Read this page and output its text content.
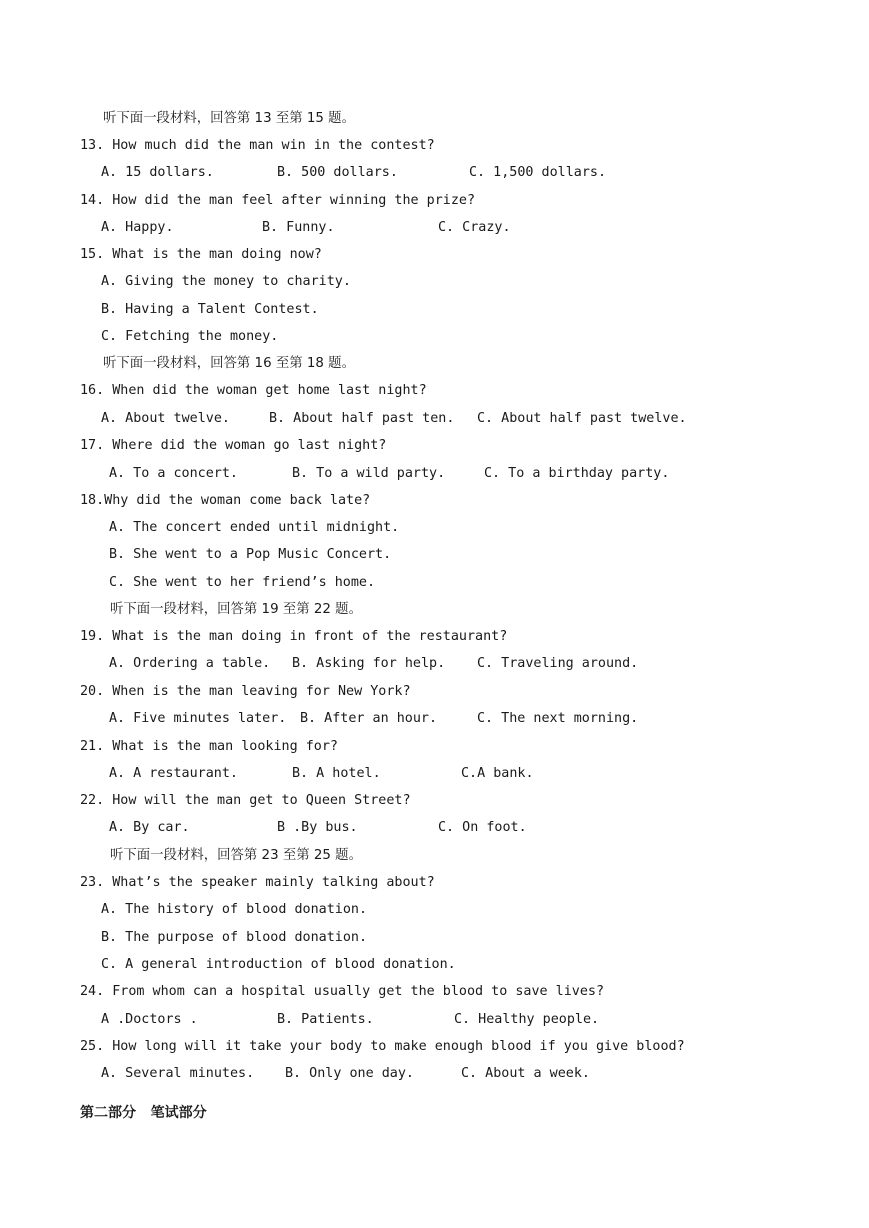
听下面一段材料，回答第 13 至第 15 题。
13. How much did the man win in the contest?
A. 15 dollars.	B. 500 dollars.	C. 1,500 dollars.
14. How did the man feel after winning the prize?
A. Happy.	B. Funny.	C. Crazy.
15. What is the man doing now?
A. Giving the money to charity.
B. Having a Talent Contest.
C. Fetching the money.
听下面一段材料，回答第 16 至第 18 题。
16. When did the woman get home last night?
A. About twelve.	B. About half past ten. C. About half past twelve.
17. Where did the woman go last night?
A. To a concert.	B. To a wild party.	C. To a birthday party.
18.Why did the woman come back late?
A. The concert ended until midnight.
B. She went to a Pop Music Concert.
C. She went to her friend’s home.
听下面一段材料，回答第 19 至第 22 题。
19. What is the man doing in front of the restaurant?
A. Ordering a table. B. Asking for help. C. Traveling around.
20. When is the man leaving for New York?
A. Five minutes later. B. After an hour.	C. The next morning.
21. What is the man looking for?
A. A restaurant.	B. A hotel.	C.A bank.
22. How will the man get to Queen Street?
A. By car.	B .By bus.	C. On foot.
听下面一段材料，回答第 23 至第 25 题。
23. What’s the speaker mainly talking about?
A. The history of blood donation.
B. The purpose of blood donation.
C. A general introduction of blood donation.
24. From whom can a hospital usually get the blood to save lives?
A .Doctors .	B. Patients.	C. Healthy people.
25. How long will it take your body to make enough blood if you give blood?
A. Several minutes. B. Only one day.	C. About a week.
第二部分   笔试部分
